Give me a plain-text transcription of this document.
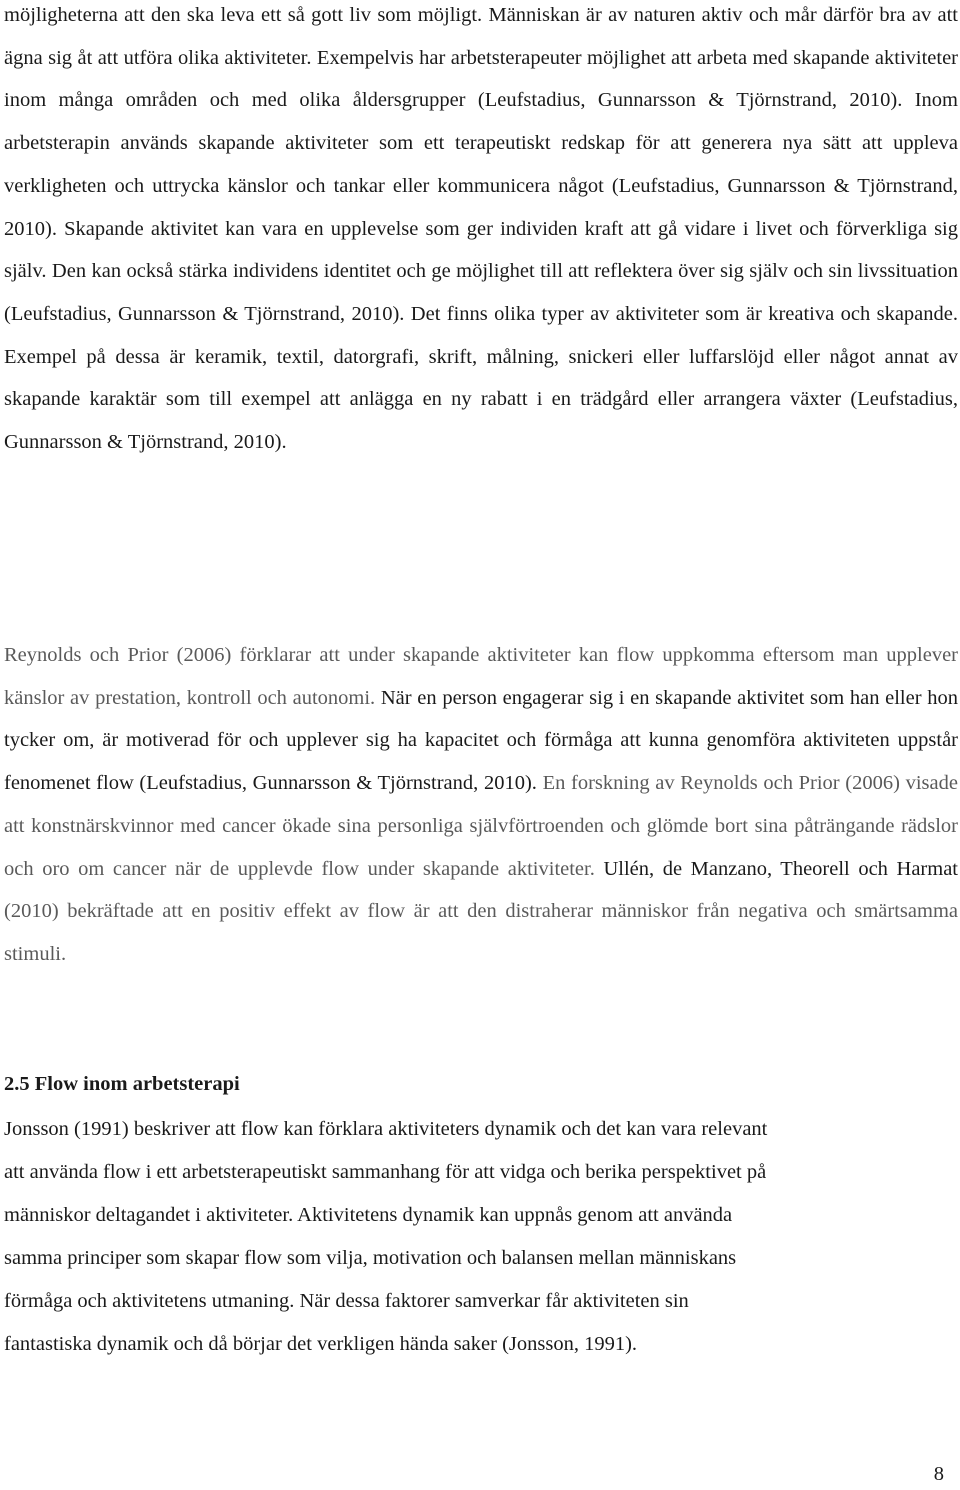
möjligheterna att den ska leva ett så gott liv som möjligt. Människan är av naturen aktiv och mår därför bra av att ägna sig åt att utföra olika aktiviteter. Exempelvis har arbetsterapeuter möjlighet att arbeta med skapande aktiviteter inom många områden och med olika åldersgrupper (Leufstadius, Gunnarsson & Tjörnstrand, 2010). Inom arbetsterapin används skapande aktiviteter som ett terapeutiskt redskap för att generera nya sätt att uppleva verkligheten och uttrycka känslor och tankar eller kommunicera något (Leufstadius, Gunnarsson & Tjörnstrand, 2010). Skapande aktivitet kan vara en upplevelse som ger individen kraft att gå vidare i livet och förverkliga sig själv. Den kan också stärka individens identitet och ge möjlighet till att reflektera över sig själv och sin livssituation (Leufstadius, Gunnarsson & Tjörnstrand, 2010). Det finns olika typer av aktiviteter som är kreativa och skapande. Exempel på dessa är keramik, textil, datorgrafi, skrift, målning, snickeri eller luffarslöjd eller något annat av skapande karaktär som till exempel att anlägga en ny rabatt i en trädgård eller arrangera växter (Leufstadius, Gunnarsson & Tjörnstrand, 2010).

Reynolds och Prior (2006) förklarar att under skapande aktiviteter kan flow uppkomma eftersom man upplever känslor av prestation, kontroll och autonomi. När en person engagerar sig i en skapande aktivitet som han eller hon tycker om, är motiverad för och upplever sig ha kapacitet och förmåga att kunna genomföra aktiviteten uppstår fenomenet flow (Leufstadius, Gunnarsson & Tjörnstrand, 2010). En forskning av Reynolds och Prior (2006) visade att konstnärskvinnor med cancer ökade sina personliga självförtroenden och glömde bort sina påträngande rädslor och oro om cancer när de upplevde flow under skapande aktiviteter. Ullén, de Manzano, Theorell och Harmat (2010) bekräftade att en positiv effekt av flow är att den distraherar människor från negativa och smärtsamma stimuli.

2.5 Flow inom arbetsterapi
Jonsson (1991) beskriver att flow kan förklara aktiviteters dynamik och det kan vara relevant
att använda flow i ett arbetsterapeutiskt sammanhang för att vidga och berika perspektivet på
människor deltagandet i aktiviteter. Aktivitetens dynamik kan uppnås genom att använda
samma principer som skapar flow som vilja, motivation och balansen mellan människans
förmåga och aktivitetens utmaning. När dessa faktorer samverkar får aktiviteten sin
fantastiska dynamik och då börjar det verkligen hända saker (Jonsson, 1991).
8
